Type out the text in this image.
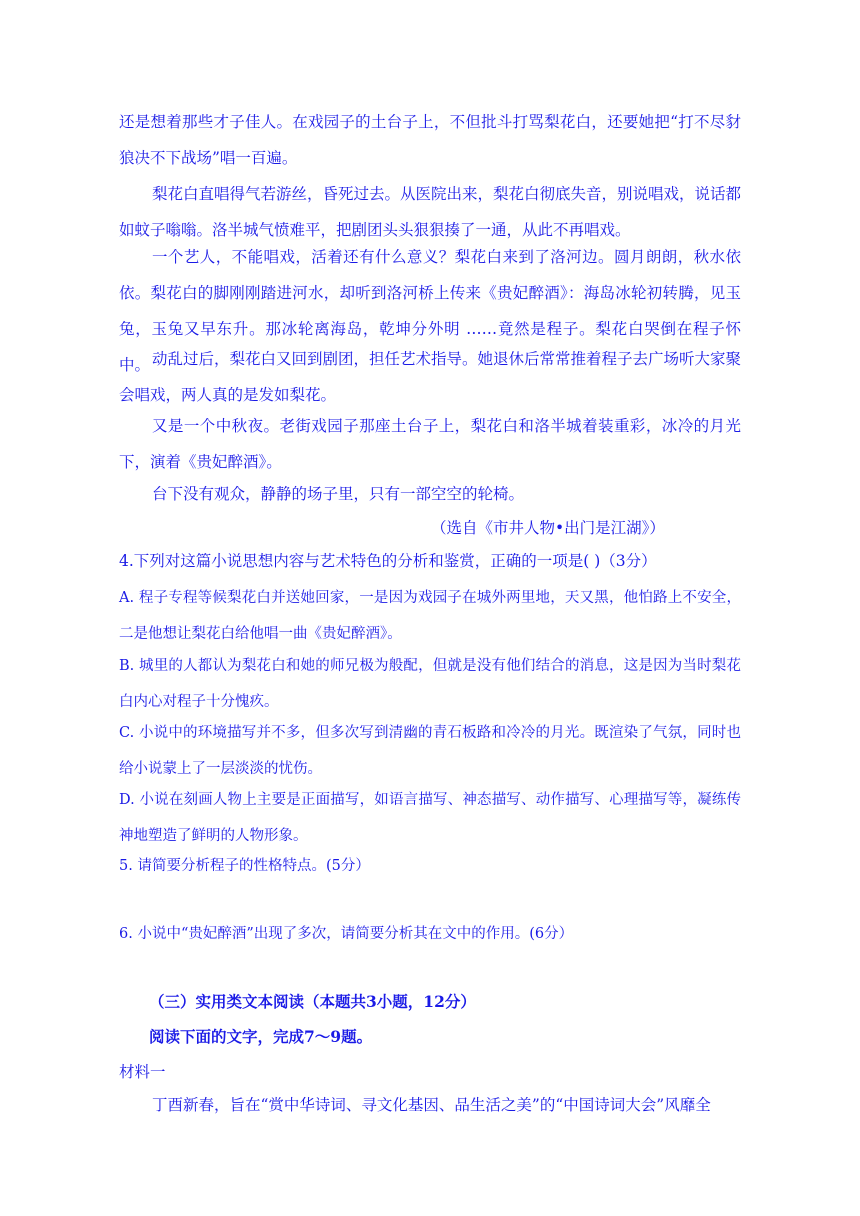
还是想着那些才子佳人。在戏园子的土台子上，不但批斗打骂梨花白，还要她把“打不尽豺狼决不下战场”唱一百遍。

梨花白直唱得气若游丝，昏死过去。从医院出来，梨花白彻底失音，别说唱戏，说话都如蚊子嗡嗡。洛半城气愤难平，把剧团头头狠狠揍了一通，从此不再唱戏。

一个艺人，不能唱戏，活着还有什么意义？梨花白来到了洛河边。圆月朗朗，秋水依依。梨花白的脚刚刚踏进河水，却听到洛河桥上传来《贵妃醉酒》：海岛冰轮初转腾，见玉兔，玉兔又早东升。那冰轮离海岛，乾坤分外明 ……竟然是程子。梨花白哭倒在程子怀中。 动乱过后，梨花白又回到剧团，担任艺术指导。她退休后常常推着程子去广场听大家聚会唱戏，两人真的是发如梨花。

又是一个中秋夜。老街戏园子那座土台子上，梨花白和洛半城着装重彩，冰冷的月光下，演着《贵妃醉酒》。

台下没有观众，静静的场子里，只有一部空空的轮椅。

（选自《市井人物•出门是江湖》）

4.下列对这篇小说思想内容与艺术特色的分析和鉴赏，正确的一项是( )（3分）

A. 程子专程等候梨花白并送她回家，一是因为戏园子在城外两里地，天又黑，他怕路上不安全，二是他想让梨花白给他唱一曲《贵妃醉酒》。

B. 城里的人都认为梨花白和她的师兄极为般配，但就是没有他们结合的消息，这是因为当时梨花白内心对程子十分愧疚。

C. 小说中的环境描写并不多，但多次写到清幽的青石板路和冷冷的月光。既渲染了气氛，同时也给小说蒙上了一层淡淡的忧伤。

D. 小说在刻画人物上主要是正面描写，如语言描写、神态描写、动作描写、心理描写等，凝练传神地塑造了鲜明的人物形象。

5. 请简要分析程子的性格特点。(5分）

6. 小说中“贵妃醉酒”出现了多次，请简要分析其在文中的作用。(6分）

（三）实用类文本阅读（本题共3小题，12分）
阅读下面的文字，完成7～9题。

材料一

丁酉新春，旨在“赏中华诗词、寻文化基因、品生活之美”的“中国诗词大会”风靡全
